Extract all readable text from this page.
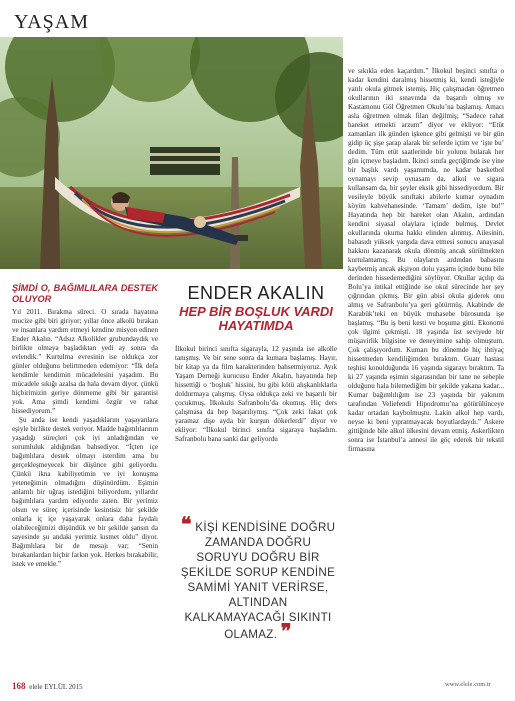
YAŞAM
ŞİMDİ O, BAĞIMLILARA DESTEK OLUYOR

Yıl 2011. Bırakma süreci. O sırada hayatına mucize gibi biri giriyor; yıllar önce alkolü bırakan ve insanlara yardım etmeyi kendine misyon edinen Ender Akalın. “Adsız Alkolikler grubundaydık ve birlikte olmaya başladıktan yedi ay sonra da evlendik.” Kurtulma evresinin ise oldukça zor günler olduğunu belirtmeden edemiyor: “İlk defa kendimle kendimin mücadelesini yaşadım. Bu mücadele sıkığı azalsa da hala devam diyor, çünkü hiçbirimizin geriye dönmeme gibi bir garantisi yok. Ama şimdi kendimi özgür ve rahat hissediyorum.”

Şu anda ise kendi yaşadıklarını yaşayanlara eşiyle birlikte destek veriyor. Madde bağımlılarının yaşadığı süreçleri çok iyi anladığından ve sorumluluk aldığından bahsediyor. “İçten içe bağımlılara destek olmayı isterdim ama bu gerçekleşmeyecek bir düşünce gibi geliyordu. Çünkü ikna kabiliyetimin ve iyi konuşma yeteneğimin olmadığını düşünürdüm. Eşimin anlamlı bir uğraş istediğini biliyordum, yıllardır bağımlılara yardım ediyordu zaten. Bir yerimiz olsun ve süreç içerisinde kesintisiz bir şekilde onlarla iç içe yaşayarak onlara daha faydalı olabileceğimizi düşündük ve bir şekilde şansın da sayesinde şu andaki yerimiz kısmet oldu” diyor. Bağımlılara bir de mesajı var; “Senin bırakanlardan hiçbir farkın yok. Herkes bırakabilir, istek ve emekle.”

ENDER AKALIN
HEP BİR BOŞLUK VARDI HAYATIMDA

İlkokul birinci sınıfta sigarayla, 12 yaşında ise alkolle tanışmış. Ve bir sene sonra da kumara başlamış. Hayır, bir kitap ya da film karakterinden bahsetmiyoruz. Ayık Yaşam Derneği kurucusu Ender Akalın, hayatında hep hissettiği o ‘boşluk’ hissini, bu gibi kötü alışkanlıklarla doldurmaya çalışmış. Oysa oldukça zeki ve başarılı bir çocukmuş. İlkokulu Safranbolu’da okumuş. Hiç ders çalışmasa da hep başarılıymış. “Çok zeki fakat çok yaramaz dişe ayda bir kurşun dökerlerdi” diyor ve ekliyor: “İlkokul birinci sınıfta sigaraya başladım. Safranbolu bana sanki dar geliyordu

❝ KİŞİ KENDİSİNE DOĞRU ZAMANDA DOĞRU SORUYU DOĞRU BİR ŞEKİLDE SORUP KENDİNE SAMİMİ YANIT VERİRSE, ALTINDAN KALKAMAYACAĞI SIKINTI OLAMAZ. ❞

ve sıkıkla eden kaçardım.” İlkokul beşinci sınıfta o kadar kendini daralmış hissetmiş ki, kendi isteğiyle yatılı okula gitmek istemiş. Hiç çalışmadan öğretmen okullarının iki sınavında da başarılı olmuş ve Kastamonu Göl Öğretmen Okulu’na başlamış. Amacı asla öğretmen olmak filan değilmiş; “Sadece rahat hareket etmekti arzum” diyor ve ekliyor: “Etüt zamanları ilk günden işkence gibi gelmişti ve bir gün gidip üç şişe şarap alarak bir seferde içtim ve ‘işte bu’ dedim. Tüm etüt saatlerinde bir yolunu bularak her gün içmeye başladım. İkinci sınıfa geçtiğimde ise yine bir başlık vardı yaşamımda, ne kadar basketbol oynamayı sevip oynasam da, alkol ve sigara kullansam da, bir şeyler eksik gibi hissediyordum. Bir vesileyle büyük sınıftaki abilerle kumar oynadım köyün kahvehanesinde. ‘Tamam’ dedim, işte bu!” Hayatında hep bir hareket olan Akalın, ardından kendini siyasal olaylara içinde bulmuş. Devlet okullarında okuma hakkı elinden alınmış. Ailesinin, babasıdı yüksek yargıda dava etmesi sonucu anayasal hakkını kazanarak okula dönmüş ancak sürülmekten kurtulamamış. Bu olayların ardından babasını kaybetmiş ancak akşiyon dolu yaşamı içinde bunu bile derinden hissedemediğini söylüyor. Okullar açılıp da Bolu’ya intikal ettiğinde ise okul sürecinde her şey çığrından çıkmış. Bir gün abisi okula giderek onu almış ve Safranbolu’ya geri götürmüş. Akabinde de Karabük’teki en büyük muhasebe bürosunda işe başlamış. “Bu iş beni kesti ve boşuma gitti. Ekonomi çok ilgimi çekmişti. 18 yaşında üst seviyede bir müşavirlik bilgisine ve deneyimine sahip olmuştum. Çok çalışıyordum. Kumarı bu dönemde hiç ihtiyaç hissetmeden kendiliğimden bıraktım. Guatr hastası teşhisi konulduğunda 16 yaşında sigarayı bıraktım. Ta ki 27 yaşında eşimin sigarasından bir tane ne sebeple olduğunu hala bilemediğim bir şekilde yakana kadar... Kumar bağımlılığım ise 23 yaşında bir yakınım tarafından Veliefendi Hipodromu’na götürülünceye kadar ortadan kaybolmuştu. Lakin alkol hep vardı, neyse ki beni yıpratmayacak boyutlardaydı.” Askere gittiğinde bile alkol ülkesini devam etmiş. Askerlikten sonra ise İstanbul’a annesi ile göç ederek bir tekstil firmasına

168 elele EYLÜL 2015	www.elele.com.tr
